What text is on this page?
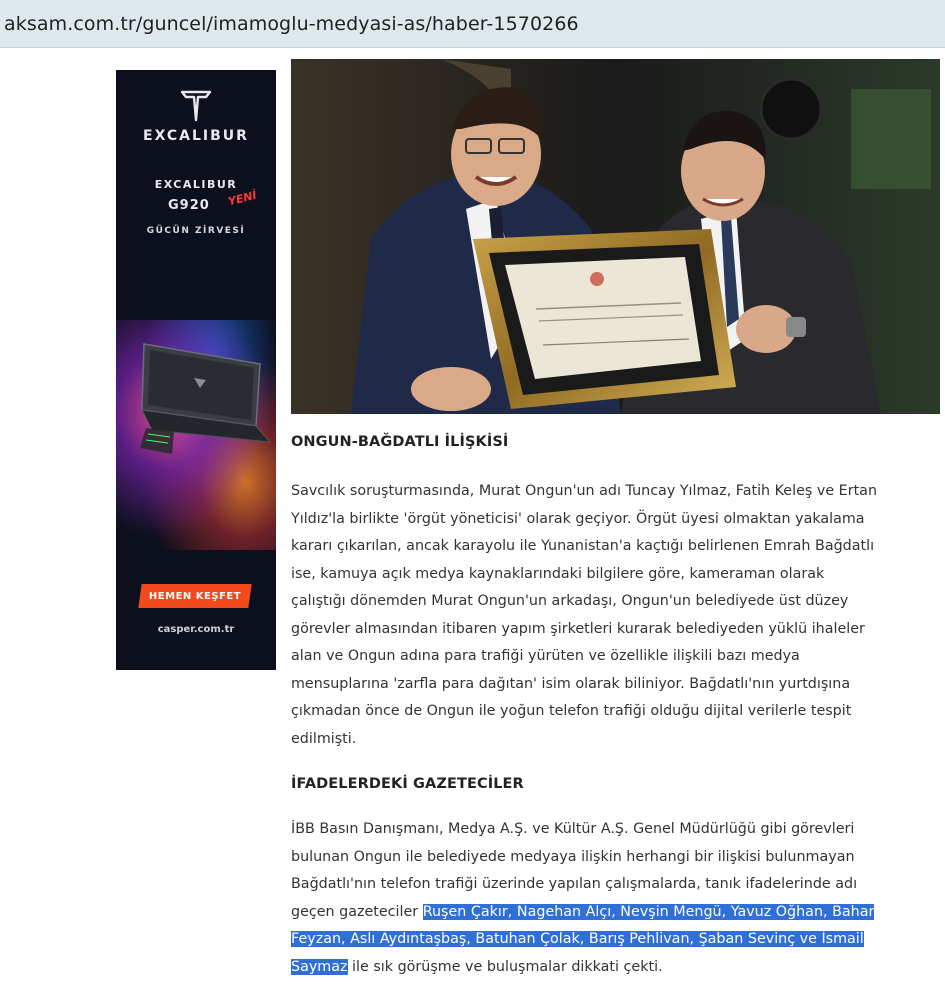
aksam.com.tr/guncel/imamoglu-medyasi-as/haber-1570266
EXCALIBUR
EXCALIBUR
G920 YENİ
GÜCÜN ZİRVESİ
HEMEN KEŞFET
casper.com.tr
ONGUN-BAĞDATLI İLİŞKİSİ
Savcılık soruşturmasında, Murat Ongun'un adı Tuncay Yılmaz, Fatih Keleş ve Ertan
Yıldız'la birlikte 'örgüt yöneticisi' olarak geçiyor. Örgüt üyesi olmaktan yakalama
kararı çıkarılan, ancak karayolu ile Yunanistan'a kaçtığı belirlenen Emrah Bağdatlı
ise, kamuya açık medya kaynaklarındaki bilgilere göre, kameraman olarak
çalıştığı dönemden Murat Ongun'un arkadaşı, Ongun'un belediyede üst düzey
görevler almasından itibaren yapım şirketleri kurarak belediyeden yüklü ihaleler
alan ve Ongun adına para trafiği yürüten ve özellikle ilişkili bazı medya
mensuplarına 'zarfla para dağıtan' isim olarak biliniyor. Bağdatlı'nın yurtdışına
çıkmadan önce de Ongun ile yoğun telefon trafiği olduğu dijital verilerle tespit
edilmişti.
İFADELERDEKİ GAZETECİLER
İBB Basın Danışmanı, Medya A.Ş. ve Kültür A.Ş. Genel Müdürlüğü gibi görevleri
bulunan Ongun ile belediyede medyaya ilişkin herhangi bir ilişkisi bulunmayan
Bağdatlı'nın telefon trafiği üzerinde yapılan çalışmalarda, tanık ifadelerinde adı
geçen gazeteciler Ruşen Çakır, Nagehan Alçı, Nevşin Mengü, Yavuz Oğhan, Bahar
Feyzan, Aslı Aydıntaşbaş, Batuhan Çolak, Barış Pehlivan, Şaban Sevinç ve İsmail
Saymaz ile sık görüşme ve buluşmalar dikkati çekti.
